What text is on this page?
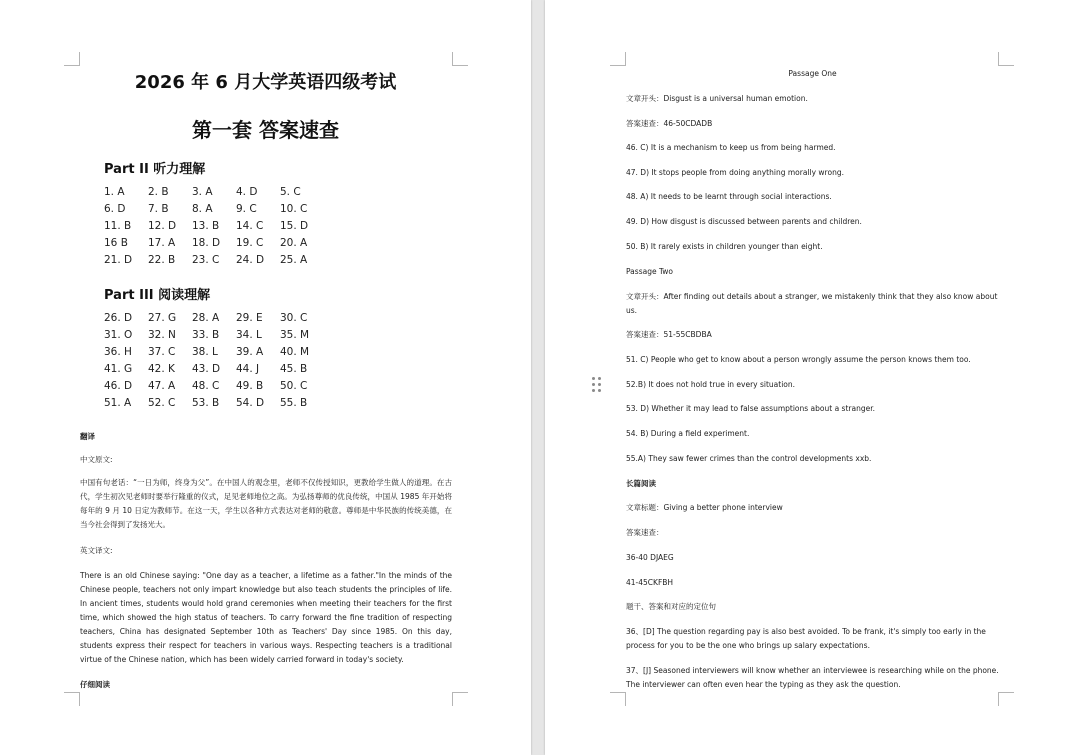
2026 年 6 月大学英语四级考试
第一套 答案速查
Part II 听力理解
1. A 2. B 3. A 4. D 5. C
6. D 7. B 8. A 9. C 10. C
11. B 12. D 13. B 14. C 15. D
16 B 17. A 18. D 19. C 20. A
21. D 22. B 23. C 24. D 25. A
Part III 阅读理解
26. D 27. G 28. A 29. E 30. C
31. O 32. N 33. B 34. L 35. M
36. H 37. C 38. L 39. A 40. M
41. G 42. K 43. D 44. J 45. B
46. D 47. A 48. C 49. B 50. C
51. A 52. C 53. B 54. D 55. B
翻译
中文原文:
中国有句老话：“一日为师，终身为父”。在中国人的观念里，老师不仅传授知识，更教给学生做人的道理。在古代，学生初次见老师时要举行隆重的仪式，足见老师地位之高。为弘扬尊师的优良传统，中国从 1985 年开始将每年的 9 月 10 日定为教师节。在这一天，学生以各种方式表达对老师的敬意。尊师是中华民族的传统美德，在当今社会得到了发扬光大。
英文译文:
There is an old Chinese saying: "One day as a teacher, a lifetime as a father."In the minds of the Chinese people, teachers not only impart knowledge but also teach students the principles of life. In ancient times, students would hold grand ceremonies when meeting their teachers for the first time, which showed the high status of teachers. To carry forward the fine tradition of respecting teachers, China has designated September 10th as Teachers' Day since 1985. On this day, students express their respect for teachers in various ways. Respecting teachers is a traditional virtue of the Chinese nation, which has been widely carried forward in today's society.
仔细阅读
Passage One
文章开头：Disgust is a universal human emotion.
答案速查：46-50CDADB
46. C) It is a mechanism to keep us from being harmed.
47. D) It stops people from doing anything morally wrong.
48. A) It needs to be learnt through social interactions.
49. D) How disgust is discussed between parents and children.
50. B) It rarely exists in children younger than eight.
Passage Two
文章开头：After finding out details about a stranger, we mistakenly think that they also know about us.
答案速查：51-55CBDBA
51. C) People who get to know about a person wrongly assume the person knows them too.
52.B) It does not hold true in every situation.
53. D) Whether it may lead to false assumptions about a stranger.
54. B) During a field experiment.
55.A) They saw fewer crimes than the control developments xxb.
长篇阅读
文章标题：Giving a better phone interview
答案速查：
36-40 DJAEG
41-45CKFBH
题干、答案和对应的定位句
36、[D] The question regarding pay is also best avoided. To be frank, it's simply too early in the process for you to be the one who brings up salary expectations.
37、[J] Seasoned interviewers will know whether an interviewee is researching while on the phone. The interviewer can often even hear the typing as they ask the question.
